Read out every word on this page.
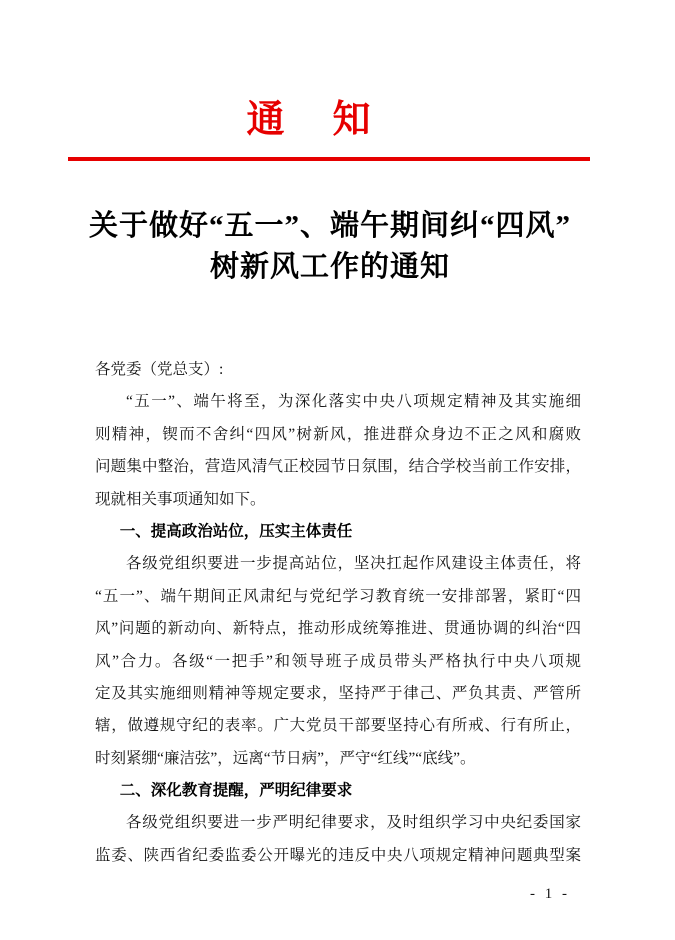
通　知
关于做好“五一”、端午期间纠“四风”
树新风工作的通知
各党委（党总支）:
“五一”、端午将至，为深化落实中央八项规定精神及其实施细
则精神，锲而不舍纠“四风”树新风，推进群众身边不正之风和腐败
问题集中整治，营造风清气正校园节日氛围，结合学校当前工作安排，
现就相关事项通知如下。
一、提高政治站位，压实主体责任
各级党组织要进一步提高站位，坚决扛起作风建设主体责任，将
“五一”、端午期间正风肃纪与党纪学习教育统一安排部署，紧盯“四
风”问题的新动向、新特点，推动形成统筹推进、贯通协调的纠治“四
风”合力。各级“一把手”和领导班子成员带头严格执行中央八项规
定及其实施细则精神等规定要求，坚持严于律己、严负其责、严管所
辖，做遵规守纪的表率。广大党员干部要坚持心有所戒、行有所止，
时刻紧绷“廉洁弦”，远离“节日病”，严守“红线”“底线”。
二、深化教育提醒，严明纪律要求
各级党组织要进一步严明纪律要求，及时组织学习中央纪委国家
监委、陕西省纪委监委公开曝光的违反中央八项规定精神问题典型案
- 1 -
